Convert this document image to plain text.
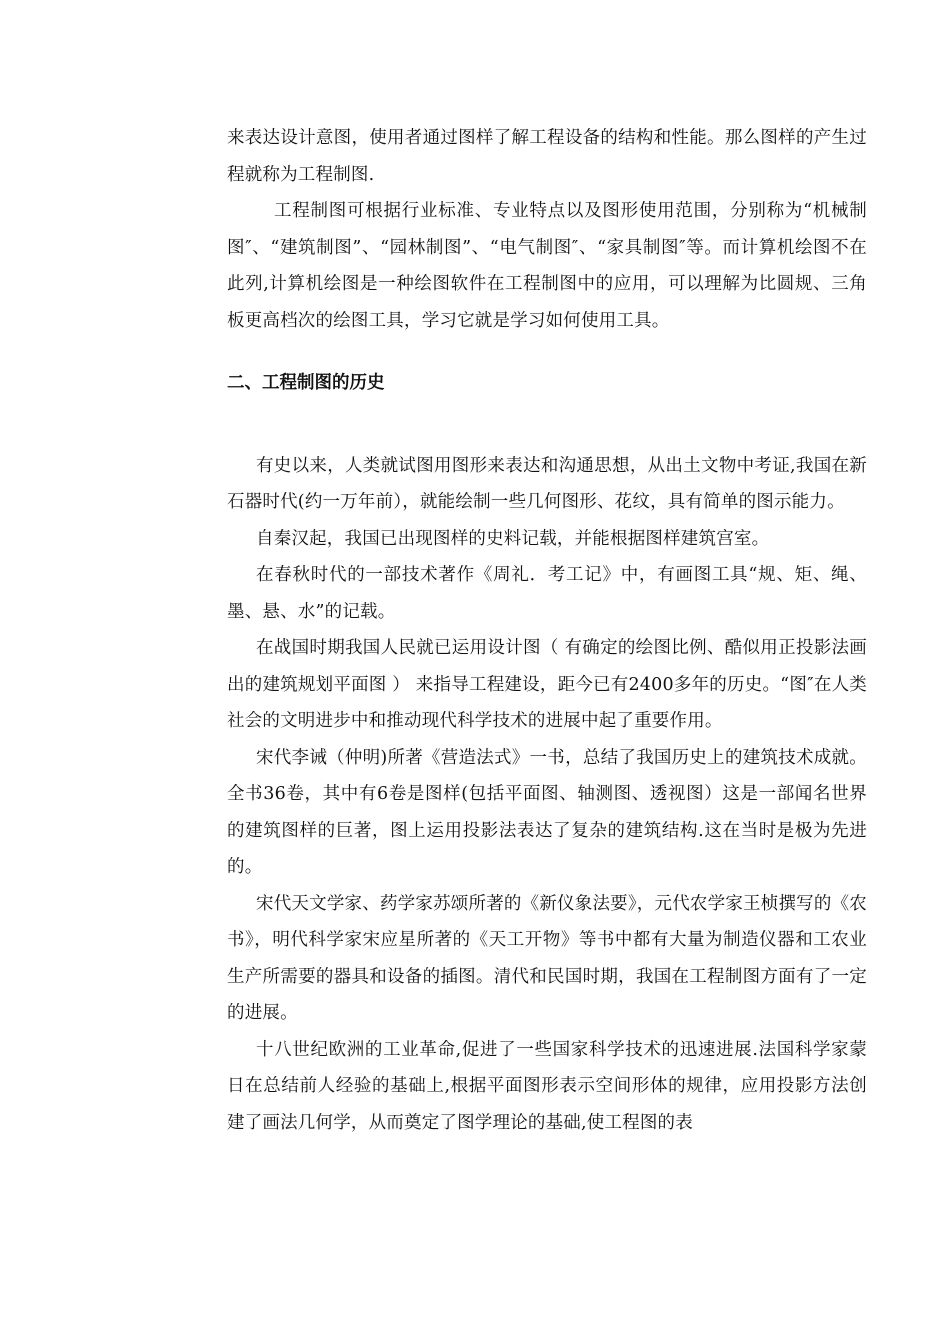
来表达设计意图，使用者通过图样了解工程设备的结构和性能。那么图样的产生过程就称为工程制图.

工程制图可根据行业标准、专业特点以及图形使用范围，分别称为“机械制图″、“建筑制图”、“园林制图”、“电气制图″、“家具制图″等。而计算机绘图不在此列,计算机绘图是一种绘图软件在工程制图中的应用，可以理解为比圆规、三角板更高档次的绘图工具，学习它就是学习如何使用工具。

二、工程制图的历史

有史以来，人类就试图用图形来表达和沟通思想，从出土文物中考证,我国在新石器时代(约一万年前），就能绘制一些几何图形、花纹，具有简单的图示能力。

自秦汉起，我国已出现图样的史料记载，并能根据图样建筑宫室。

在春秋时代的一部技术著作《周礼．考工记》中，有画图工具“规、矩、绳、墨、悬、水”的记载。

在战国时期我国人民就已运用设计图（ 有确定的绘图比例、酷似用正投影法画出的建筑规划平面图 ） 来指导工程建设，距今已有2400多年的历史。“图″在人类社会的文明进步中和推动现代科学技术的进展中起了重要作用。

宋代李诫（仲明)所著《营造法式》一书，总结了我国历史上的建筑技术成就。全书36卷，其中有6卷是图样(包括平面图、轴测图、透视图）这是一部闻名世界的建筑图样的巨著，图上运用投影法表达了复杂的建筑结构.这在当时是极为先进的。

宋代天文学家、药学家苏颂所著的《新仪象法要》，元代农学家王桢撰写的《农书》，明代科学家宋应星所著的《天工开物》等书中都有大量为制造仪器和工农业生产所需要的器具和设备的插图。清代和民国时期，我国在工程制图方面有了一定的进展。

十八世纪欧洲的工业革命,促进了一些国家科学技术的迅速进展.法国科学家蒙日在总结前人经验的基础上,根据平面图形表示空间形体的规律，应用投影方法创建了画法几何学，从而奠定了图学理论的基础,使工程图的表
